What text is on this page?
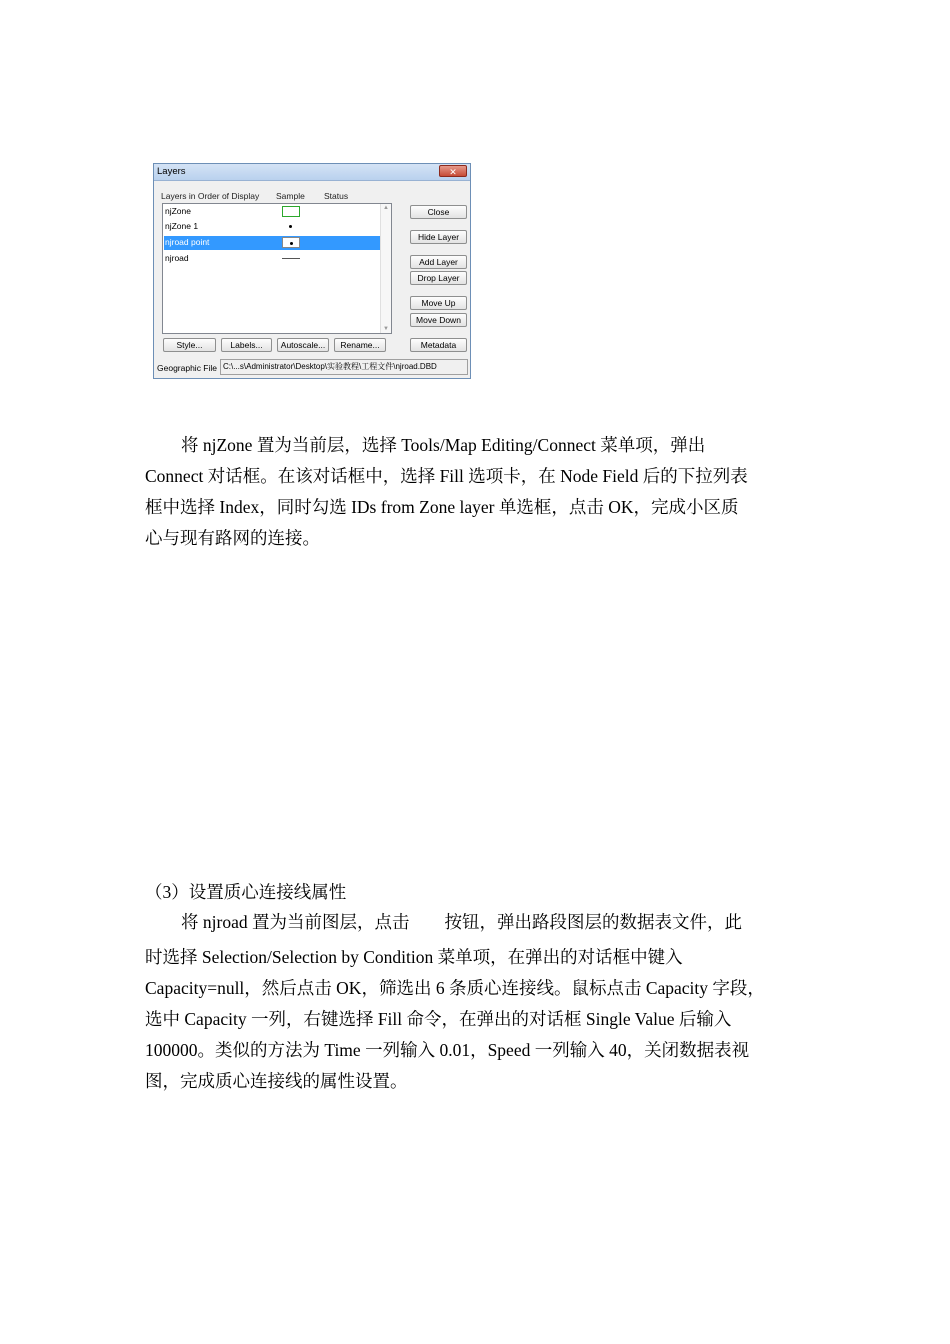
Layers	✕
Layers in Order of Display Sample Status
njZone
njZone 1
njroad point
njroad
▲
▼
Close
Hide Layer
Add Layer
Drop Layer
Move Up
Move Down
Style...	Labels...	Autoscale...	Rename...	Metadata
Geographic File C:\...s\Administrator\Desktop\实验教程\工程文件\njroad.DBD
将 njZone 置为当前层，选择 Tools/Map Editing/Connect 菜单项，弹出
Connect 对话框。在该对话框中，选择 Fill 选项卡，在 Node Field 后的下拉列表
框中选择 Index，同时勾选 IDs from Zone layer 单选框，点击 OK，完成小区质
心与现有路网的连接。
（3）设置质心连接线属性
将 njroad 置为当前图层，点击　　按钮，弹出路段图层的数据表文件，此
时选择 Selection/Selection by Condition 菜单项，在弹出的对话框中键入
Capacity=null，然后点击 OK，筛选出 6 条质心连接线。鼠标点击 Capacity 字段，
选中 Capacity 一列，右键选择 Fill 命令，在弹出的对话框 Single Value 后输入
100000。类似的方法为 Time 一列输入 0.01，Speed 一列输入 40，关闭数据表视
图，完成质心连接线的属性设置。
